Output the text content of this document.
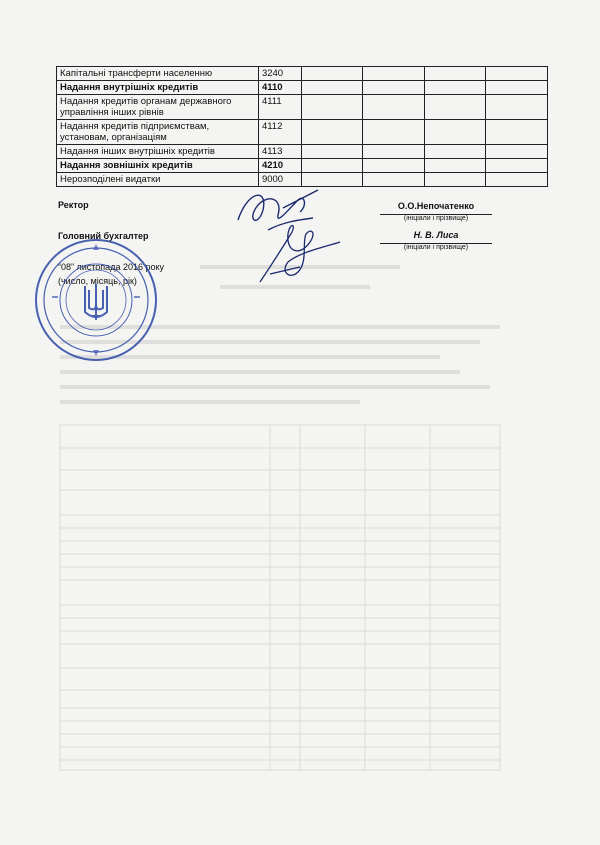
Капітальні трансферти населенню	3240				
Надання внутрішніх кредитів	4110				
Надання кредитів органам державного управління інших рівнів	4111				
Надання кредитів підприємствам, установам, організаціям	4112				
Надання інших внутрішніх кредитів	4113				
Надання зовнішніх кредитів	4210				
Нерозподілені видатки	9000				
Ректор	О.О.Непочатенко
(ініціали і прізвище)
Головний бухгалтер	Н. В. Лиса
(ініціали і прізвище)
“08” листопада 2016 року
(число, місяць, рік)
